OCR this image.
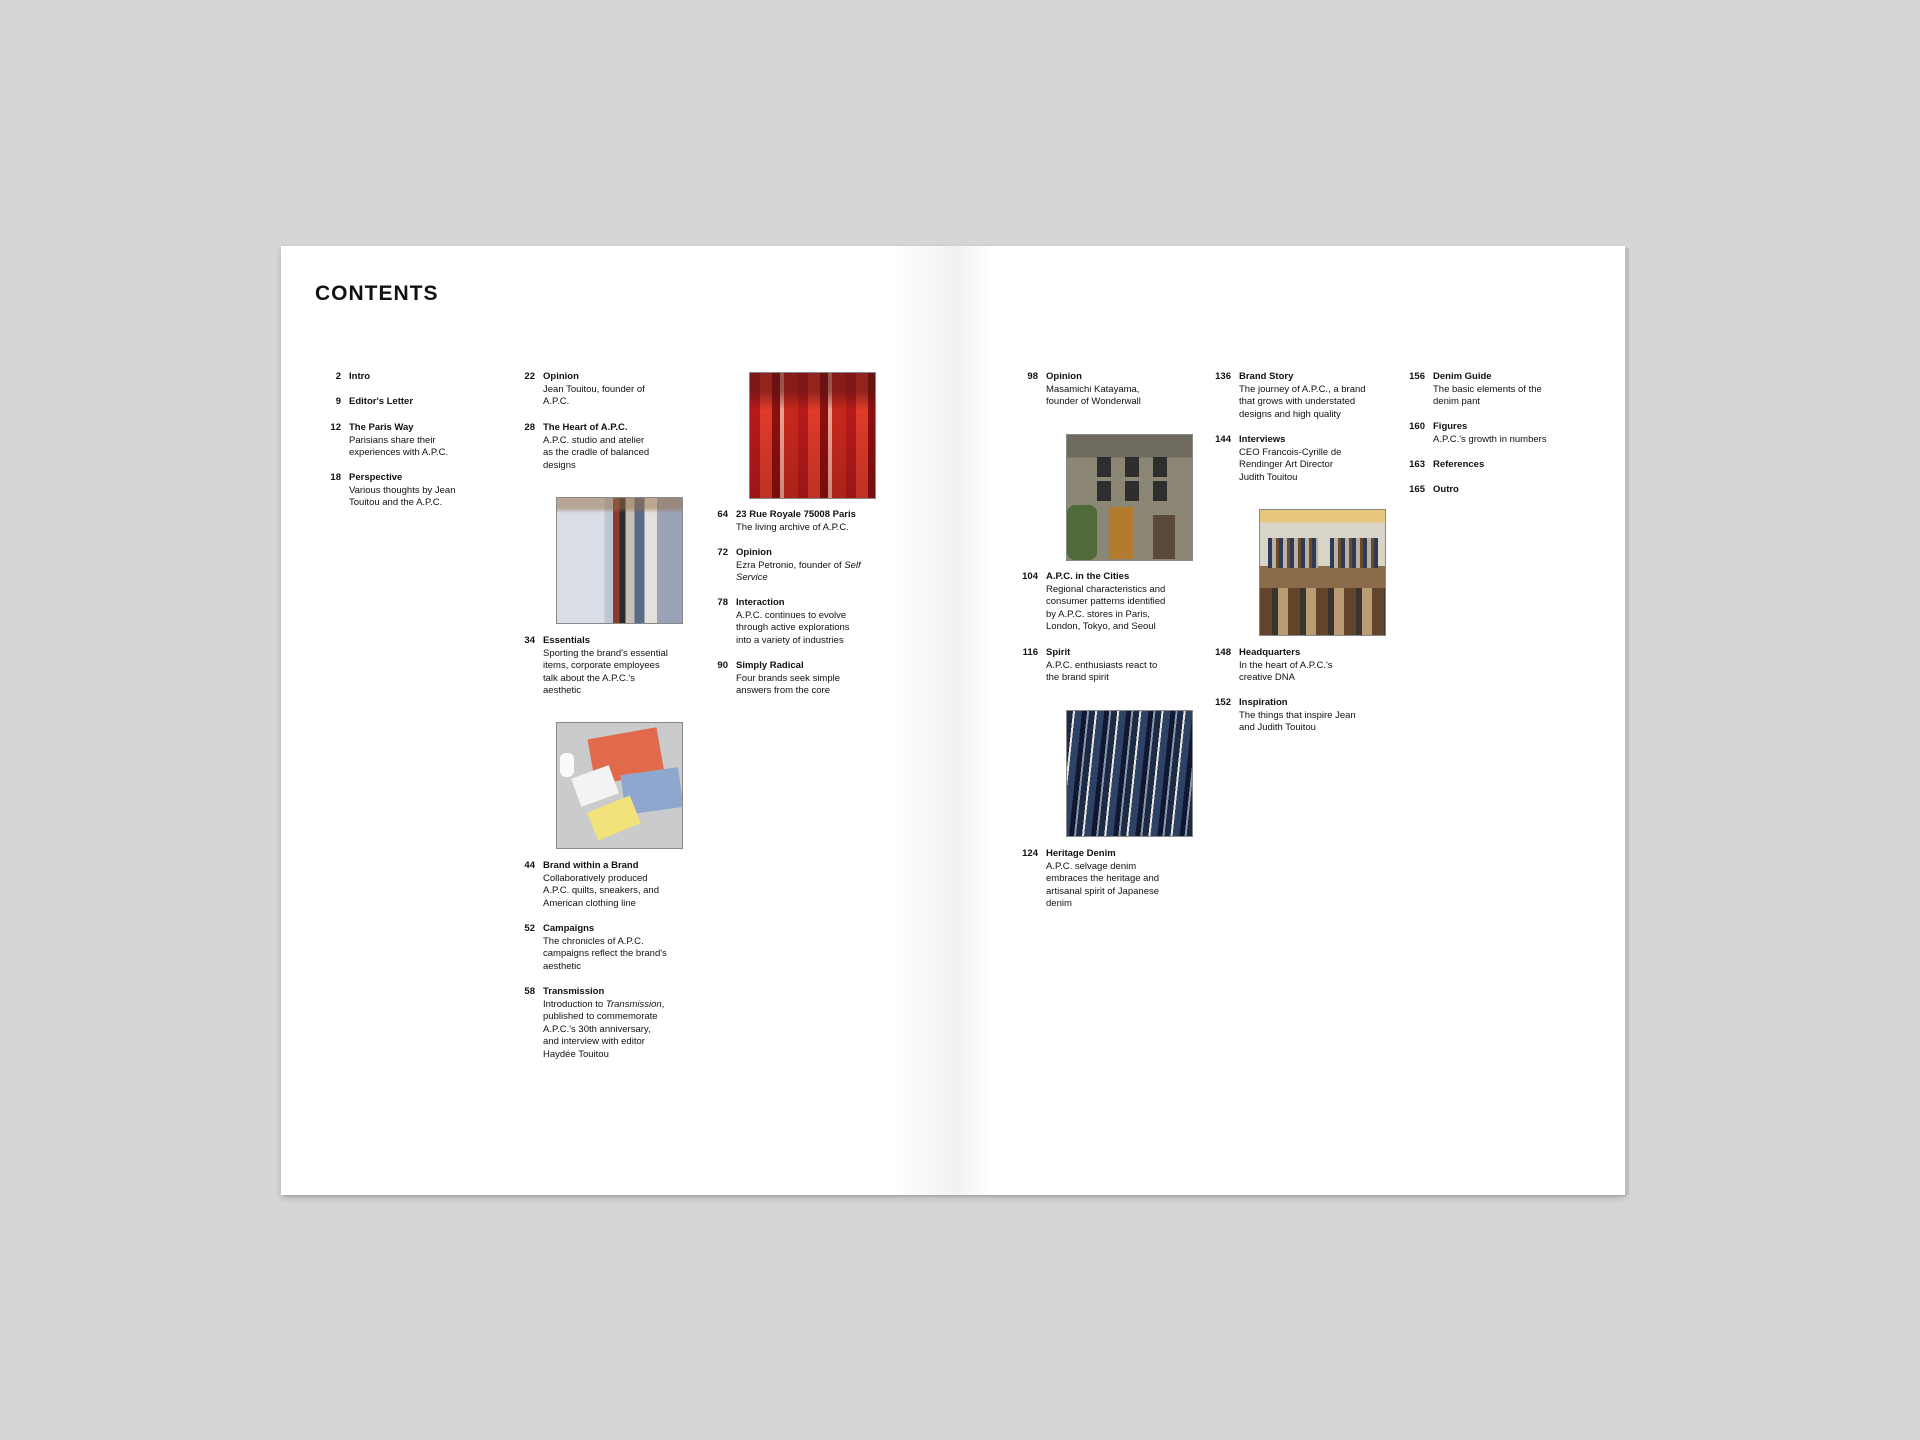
CONTENTS
2 Intro
9 Editor's Letter
12 The Paris Way
Parisians share their experiences with A.P.C.
18 Perspective
Various thoughts by Jean Touitou and the A.P.C.
22 Opinion
Jean Touitou, founder of A.P.C.
28 The Heart of A.P.C.
A.P.C. studio and atelier as the cradle of balanced designs
34 Essentials
Sporting the brand's essential items, corporate employees talk about the A.P.C.'s aesthetic
44 Brand within a Brand
Collaboratively produced A.P.C. quilts, sneakers, and American clothing line
52 Campaigns
The chronicles of A.P.C. campaigns reflect the brand's aesthetic
58 Transmission
Introduction to Transmission, published to commemorate A.P.C.'s 30th anniversary, and interview with editor Haydée Touitou
64 23 Rue Royale 75008 Paris
The living archive of A.P.C.
72 Opinion
Ezra Petronio, founder of Self Service
78 Interaction
A.P.C. continues to evolve through active explorations into a variety of industries
90 Simply Radical
Four brands seek simple answers from the core
98 Opinion
Masamichi Katayama, founder of Wonderwall
104 A.P.C. in the Cities
Regional characteristics and consumer patterns identified by A.P.C. stores in Paris, London, Tokyo, and Seoul
116 Spirit
A.P.C. enthusiasts react to the brand spirit
124 Heritage Denim
A.P.C. selvage denim embraces the heritage and artisanal spirit of Japanese denim
136 Brand Story
The journey of A.P.C., a brand that grows with understated designs and high quality
144 Interviews
CEO Francois-Cyrille de Rendinger Art Director Judith Touitou
148 Headquarters
In the heart of A.P.C.'s creative DNA
152 Inspiration
The things that inspire Jean and Judith Touitou
156 Denim Guide
The basic elements of the denim pant
160 Figures
A.P.C.'s growth in numbers
163 References
165 Outro
